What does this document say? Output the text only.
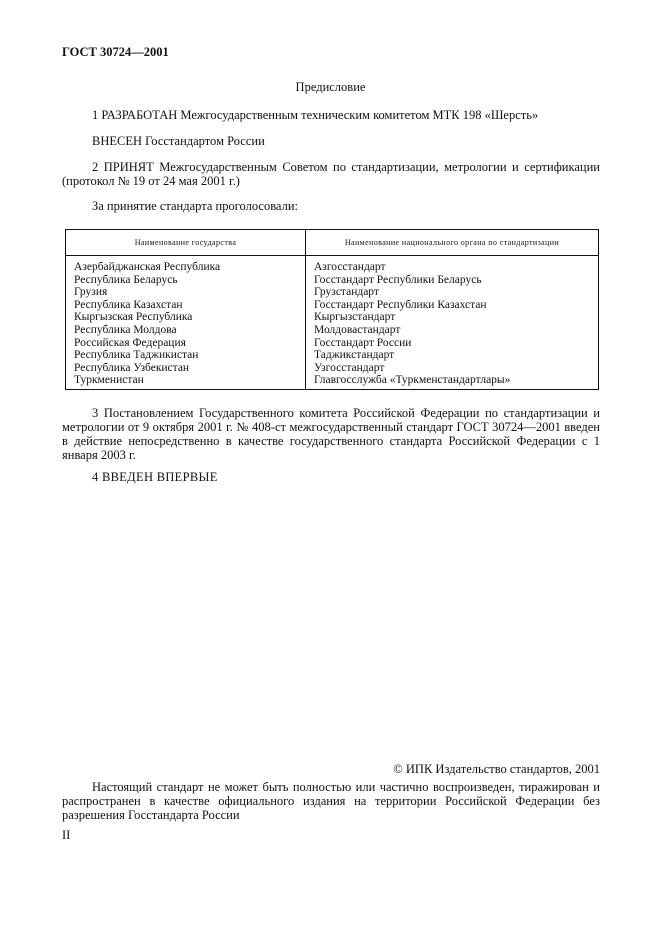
ГОСТ 30724—2001
Предисловие
1 РАЗРАБОТАН Межгосударственным техническим комитетом МТК 198 «Шерсть»
ВНЕСЕН Госстандартом России
2 ПРИНЯТ Межгосударственным Советом по стандартизации, метрологии и сертификации (протокол № 19 от 24 мая 2001 г.)
За принятие стандарта проголосовали:
Наименование государства	Наименование национального органа по стандартизации
Азербайджанская Республика	Азгосстандарт
Республика Беларусь	Госстандарт Республики Беларусь
Грузия	Грузстандарт
Республика Казахстан	Госстандарт Республики Казахстан
Кыргызская Республика	Кыргызстандарт
Республика Молдова	Молдовастандарт
Российская Федерация	Госстандарт России
Республика Таджикистан	Таджикстандарт
Республика Узбекистан	Узгосстандарт
Туркменистан	Главгосслужба «Туркменстандартлары»
3 Постановлением Государственного комитета Российской Федерации по стандартизации и метрологии от 9 октября 2001 г. № 408-ст межгосударственный стандарт ГОСТ 30724—2001 введен в действие непосредственно в качестве государственного стандарта Российской Федерации с 1 января 2003 г.
4 ВВЕДЕН ВПЕРВЫЕ
© ИПК Издательство стандартов, 2001
Настоящий стандарт не может быть полностью или частично воспроизведен, тиражирован и распространен в качестве официального издания на территории Российской Федерации без разрешения Госстандарта России
II
